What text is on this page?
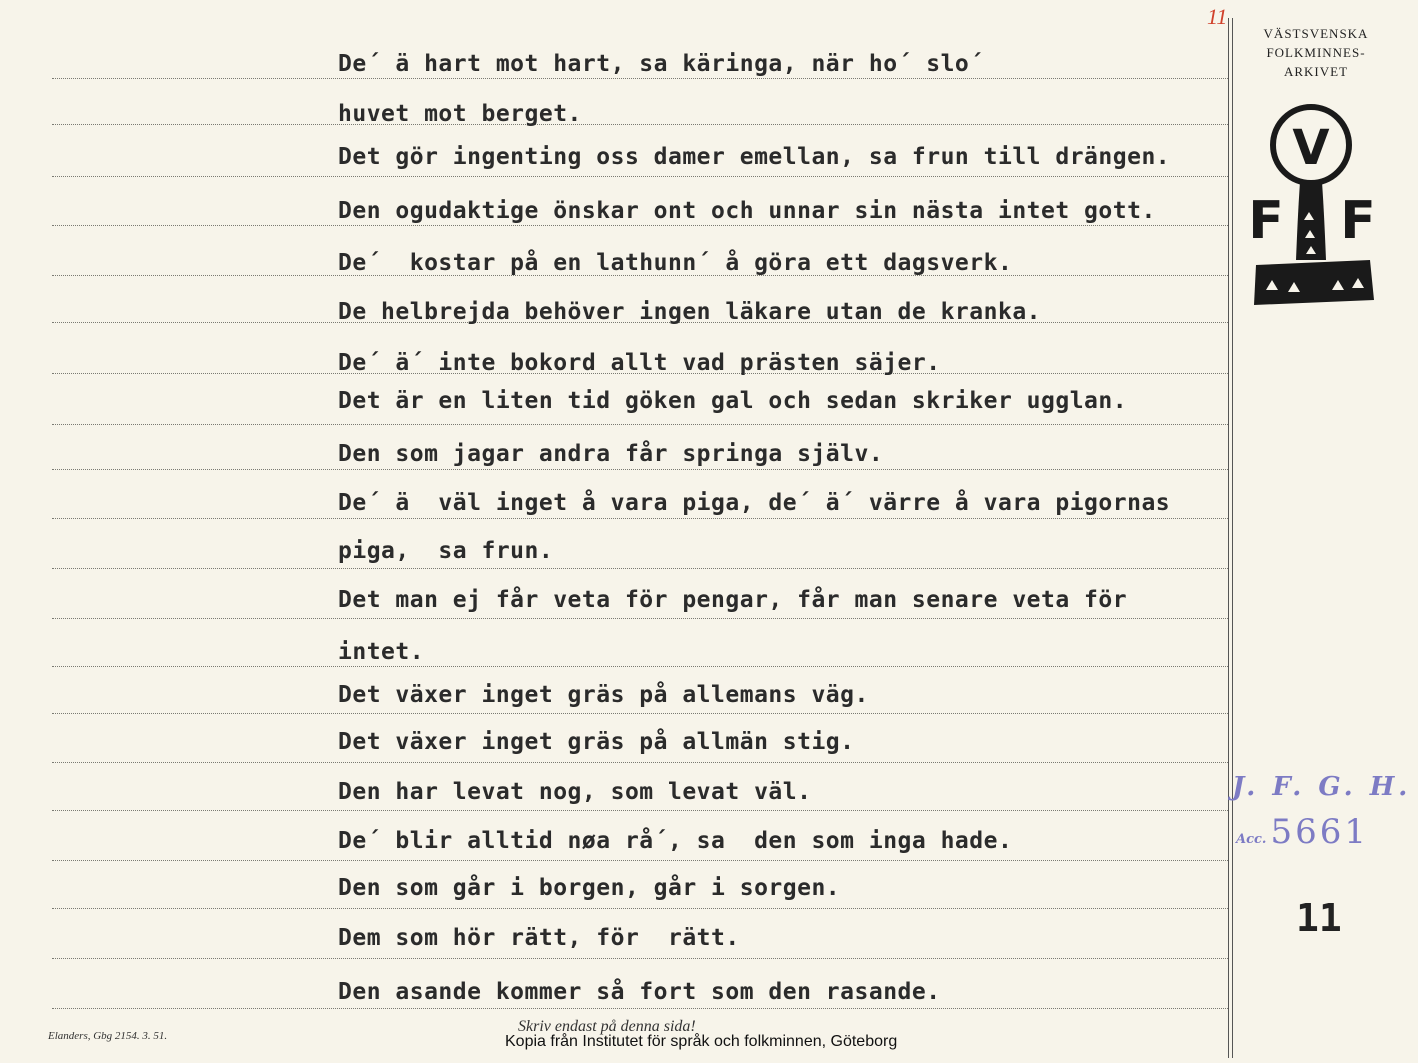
De´ ä hart mot hart, sa käringa, när ho´ slo´
huvet mot berget.
Det gör ingenting oss damer emellan, sa frun till drängen.
Den ogudaktige önskar ont och unnar sin nästa intet gott.
De´  kostar på en lathunn´ å göra ett dagsverk.
De helbrejda behöver ingen läkare utan de kranka.
De´ ä´ inte bokord allt vad prästen säjer.
Det är en liten tid göken gal och sedan skriker ugglan.
Den som jagar andra får springa själv.
De´ ä  väl inget å vara piga, de´ ä´ värre å vara pigornas
piga,  sa frun.
Det man ej får veta för pengar, får man senare veta för
intet.
Det växer inget gräs på allemans väg.
Det växer inget gräs på allmän stig.
Den har levat nog, som levat väl.
De´ blir alltid nøa rå´, sa  den som inga hade.
Den som går i borgen, går i sorgen.
Dem som hör rätt, för  rätt.
Den asande kommer så fort som den rasande.
11
VÄSTSVENSKA
FOLKMINNES-
ARKIVET
V
F F
J. F. G. H.
Acc. 5661
11
Elanders, Gbg 2154. 3. 51.
Skriv endast på denna sida!
Kopia från Institutet för språk och folkminnen, Göteborg
